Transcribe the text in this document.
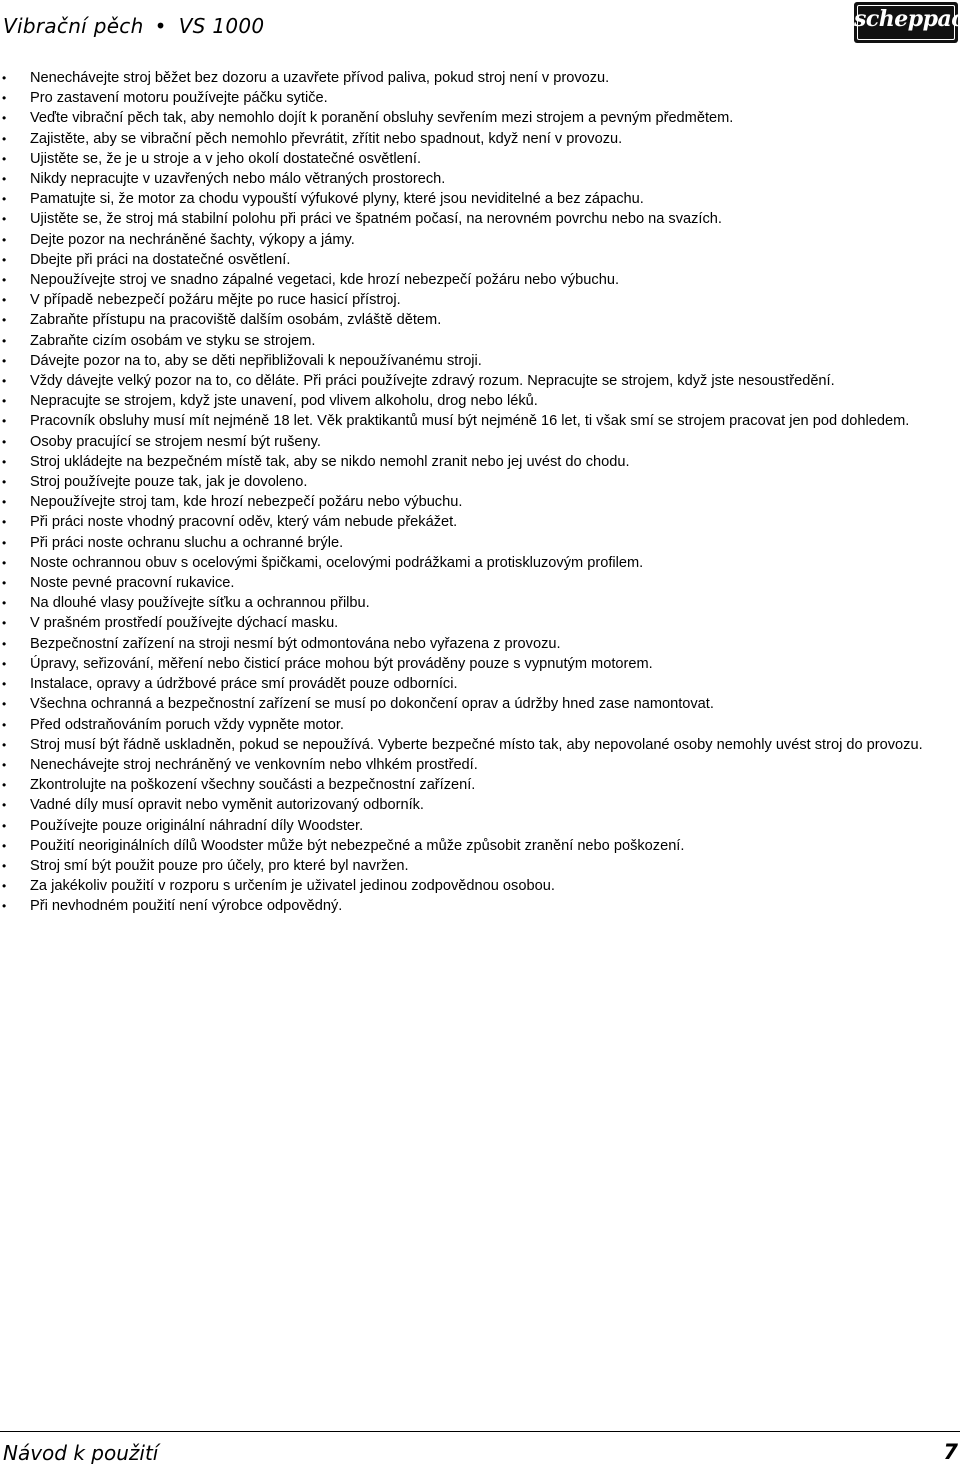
Vibrační pěch • VS 1000	scheppach
• Nenechávejte stroj běžet bez dozoru a uzavřete přívod paliva, pokud stroj není v provozu.
• Pro zastavení motoru používejte páčku sytiče.
• Veďte vibrační pěch tak, aby nemohlo dojít k poranění obsluhy sevřením mezi strojem a pevným předmětem.
• Zajistěte, aby se vibrační pěch nemohlo převrátit, zřítit nebo spadnout, když není v provozu.
• Ujistěte se, že je u stroje a v jeho okolí dostatečné osvětlení.
• Nikdy nepracujte v uzavřených nebo málo větraných prostorech.
• Pamatujte si, že motor za chodu vypouští výfukové plyny, které jsou neviditelné a bez zápachu.
• Ujistěte se, že stroj má stabilní polohu při práci ve špatném počasí, na nerovném povrchu nebo na svazích.
• Dejte pozor na nechráněné šachty, výkopy a jámy.
• Dbejte při práci na dostatečné osvětlení.
• Nepoužívejte stroj ve snadno zápalné vegetaci, kde hrozí nebezpečí požáru nebo výbuchu.
• V případě nebezpečí požáru mějte po ruce hasicí přístroj.
• Zabraňte přístupu na pracoviště dalším osobám, zvláště dětem.
• Zabraňte cizím osobám ve styku se strojem.
• Dávejte pozor na to, aby se děti nepřibližovali k nepoužívanému stroji.
• Vždy dávejte velký pozor na to, co děláte. Při práci používejte zdravý rozum. Nepracujte se strojem, když jste nesoustředění.
• Nepracujte se strojem, když jste unavení, pod vlivem alkoholu, drog nebo léků.
• Pracovník obsluhy musí mít nejméně 18 let. Věk praktikantů musí být nejméně 16 let, ti však smí se strojem pracovat jen pod dohledem.
• Osoby pracující se strojem nesmí být rušeny.
• Stroj ukládejte na bezpečném místě tak, aby se nikdo nemohl zranit nebo jej uvést do chodu.
• Stroj používejte pouze tak, jak je dovoleno.
• Nepoužívejte stroj tam, kde hrozí nebezpečí požáru nebo výbuchu.
• Při práci noste vhodný pracovní oděv, který vám nebude překážet.
• Při práci noste ochranu sluchu a ochranné brýle.
• Noste ochrannou obuv s ocelovými špičkami, ocelovými podrážkami a protiskluzovým profilem.
• Noste pevné pracovní rukavice.
• Na dlouhé vlasy používejte síťku a ochrannou přilbu.
• V prašném prostředí používejte dýchací masku.
• Bezpečnostní zařízení na stroji nesmí být odmontována nebo vyřazena z provozu.
• Úpravy, seřizování, měření nebo čisticí práce mohou být prováděny pouze s vypnutým motorem.
• Instalace, opravy a údržbové práce smí provádět pouze odborníci.
• Všechna ochranná a bezpečnostní zařízení se musí po dokončení oprav a údržby hned zase namontovat.
• Před odstraňováním poruch vždy vypněte motor.
• Stroj musí být řádně uskladněn, pokud se nepoužívá. Vyberte bezpečné místo tak, aby nepovolané osoby nemohly uvést stroj do provozu.
• Nenechávejte stroj nechráněný ve venkovním nebo vlhkém prostředí.
• Zkontrolujte na poškození všechny součásti a bezpečnostní zařízení.
• Vadné díly musí opravit nebo vyměnit autorizovaný odborník.
• Používejte pouze originální náhradní díly Woodster.
• Použití neoriginálních dílů Woodster může být nebezpečné a může způsobit zranění nebo poškození.
• Stroj smí být použit pouze pro účely, pro které byl navržen.
• Za jakékoliv použití v rozporu s určením je uživatel jedinou zodpovědnou osobou.
• Při nevhodném použití není výrobce odpovědný.
Návod k použití	7
